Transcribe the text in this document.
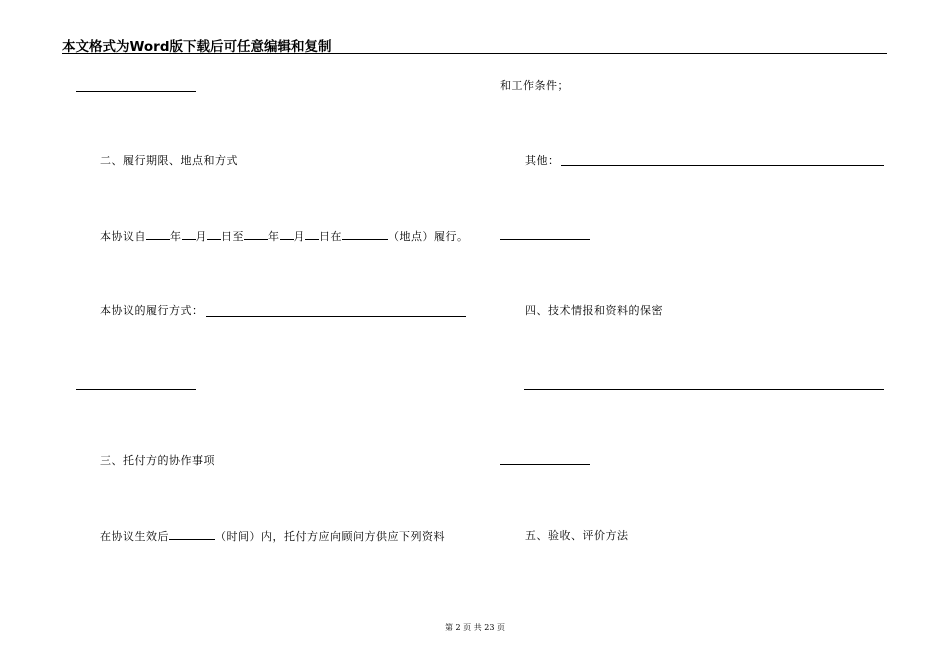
本文格式为Word版下载后可任意编辑和复制
二、履行期限、地点和方式
本协议自 年 月 日至 年 月 日在	（地点）履行。
本协议的履行方式：
三、托付方的协作事项
在协议生效后	（时间）内，托付方应向顾问方供应下列资料
和工作条件；
其他：
四、技术情报和资料的保密
五、验收、评价方法
第 2 页 共 23 页
